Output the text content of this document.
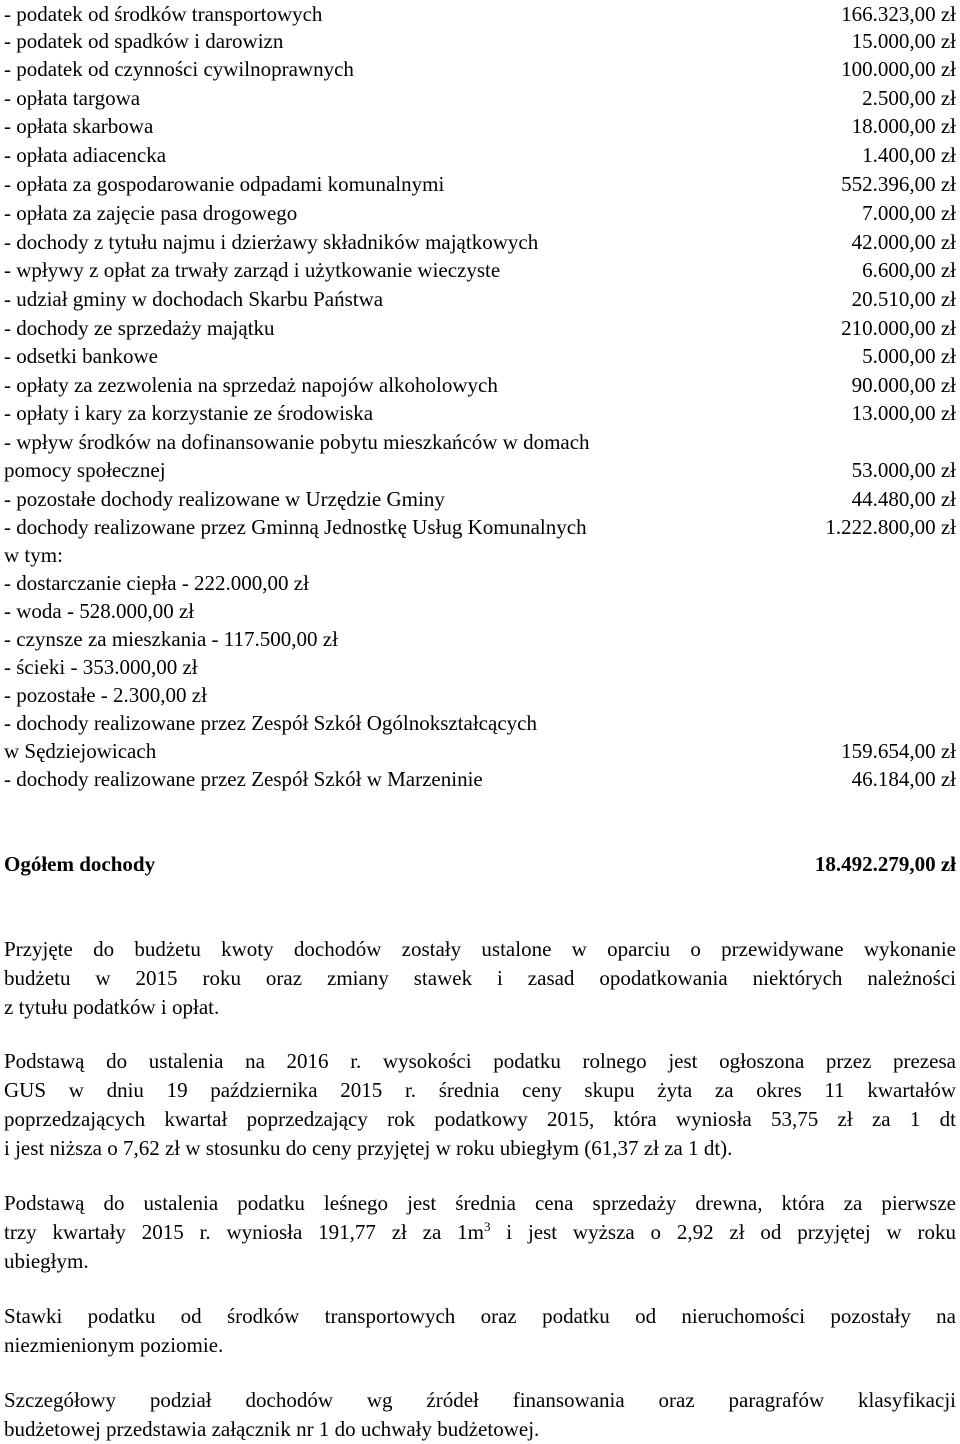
- podatek od środków transportowych	166.323,00 zł
- podatek od spadków i darowizn	15.000,00 zł
- podatek od czynności cywilnoprawnych	100.000,00 zł
- opłata targowa	2.500,00 zł
- opłata skarbowa	18.000,00 zł
- opłata adiacencka	1.400,00 zł
- opłata za gospodarowanie odpadami komunalnymi	552.396,00 zł
- opłata za zajęcie pasa drogowego	7.000,00 zł
- dochody z tytułu najmu i dzierżawy składników majątkowych	42.000,00 zł
- wpływy z opłat za trwały zarząd i użytkowanie wieczyste	6.600,00 zł
- udział gminy w dochodach Skarbu Państwa	20.510,00 zł
- dochody ze sprzedaży majątku	210.000,00 zł
- odsetki bankowe	5.000,00 zł
- opłaty za zezwolenia na sprzedaż napojów alkoholowych	90.000,00 zł
- opłaty i kary za korzystanie ze środowiska	13.000,00 zł
- wpływ środków na dofinansowanie pobytu mieszkańców w domach
pomocy społecznej	53.000,00 zł
- pozostałe dochody realizowane w Urzędzie Gminy	44.480,00 zł
- dochody realizowane przez Gminną Jednostkę Usług Komunalnych	1.222.800,00 zł
w tym:
- dostarczanie ciepła - 222.000,00 zł
- woda - 528.000,00 zł
- czynsze za mieszkania - 117.500,00 zł
- ścieki - 353.000,00 zł
- pozostałe - 2.300,00 zł
- dochody realizowane przez Zespół Szkół Ogólnokształcących
w Sędziejowicach	159.654,00 zł
- dochody realizowane przez Zespół Szkół w Marzeninie	46.184,00 zł
Ogółem dochody	18.492.279,00 zł
Przyjęte do budżetu kwoty dochodów zostały ustalone w oparciu o przewidywane wykonanie
budżetu w 2015 roku oraz zmiany stawek i zasad opodatkowania niektórych należności
z tytułu podatków i opłat.
Podstawą do ustalenia na 2016 r. wysokości podatku rolnego jest ogłoszona przez prezesa
GUS w dniu 19 października 2015 r. średnia ceny skupu żyta za okres 11 kwartałów
poprzedzających kwartał poprzedzający rok podatkowy 2015, która wyniosła 53,75 zł za 1 dt
i jest niższa o 7,62 zł w stosunku do ceny przyjętej w roku ubiegłym (61,37 zł za 1 dt).
Podstawą do ustalenia podatku leśnego jest średnia cena sprzedaży drewna, która za pierwsze
trzy kwartały 2015 r. wyniosła 191,77 zł za $1m^3$ i jest wyższa o 2,92 zł od przyjętej w roku
ubiegłym.
Stawki podatku od środków transportowych oraz podatku od nieruchomości pozostały na
niezmienionym poziomie.
Szczegółowy podział dochodów wg źródeł finansowania oraz paragrafów klasyfikacji
budżetowej przedstawia załącznik nr 1 do uchwały budżetowej.
